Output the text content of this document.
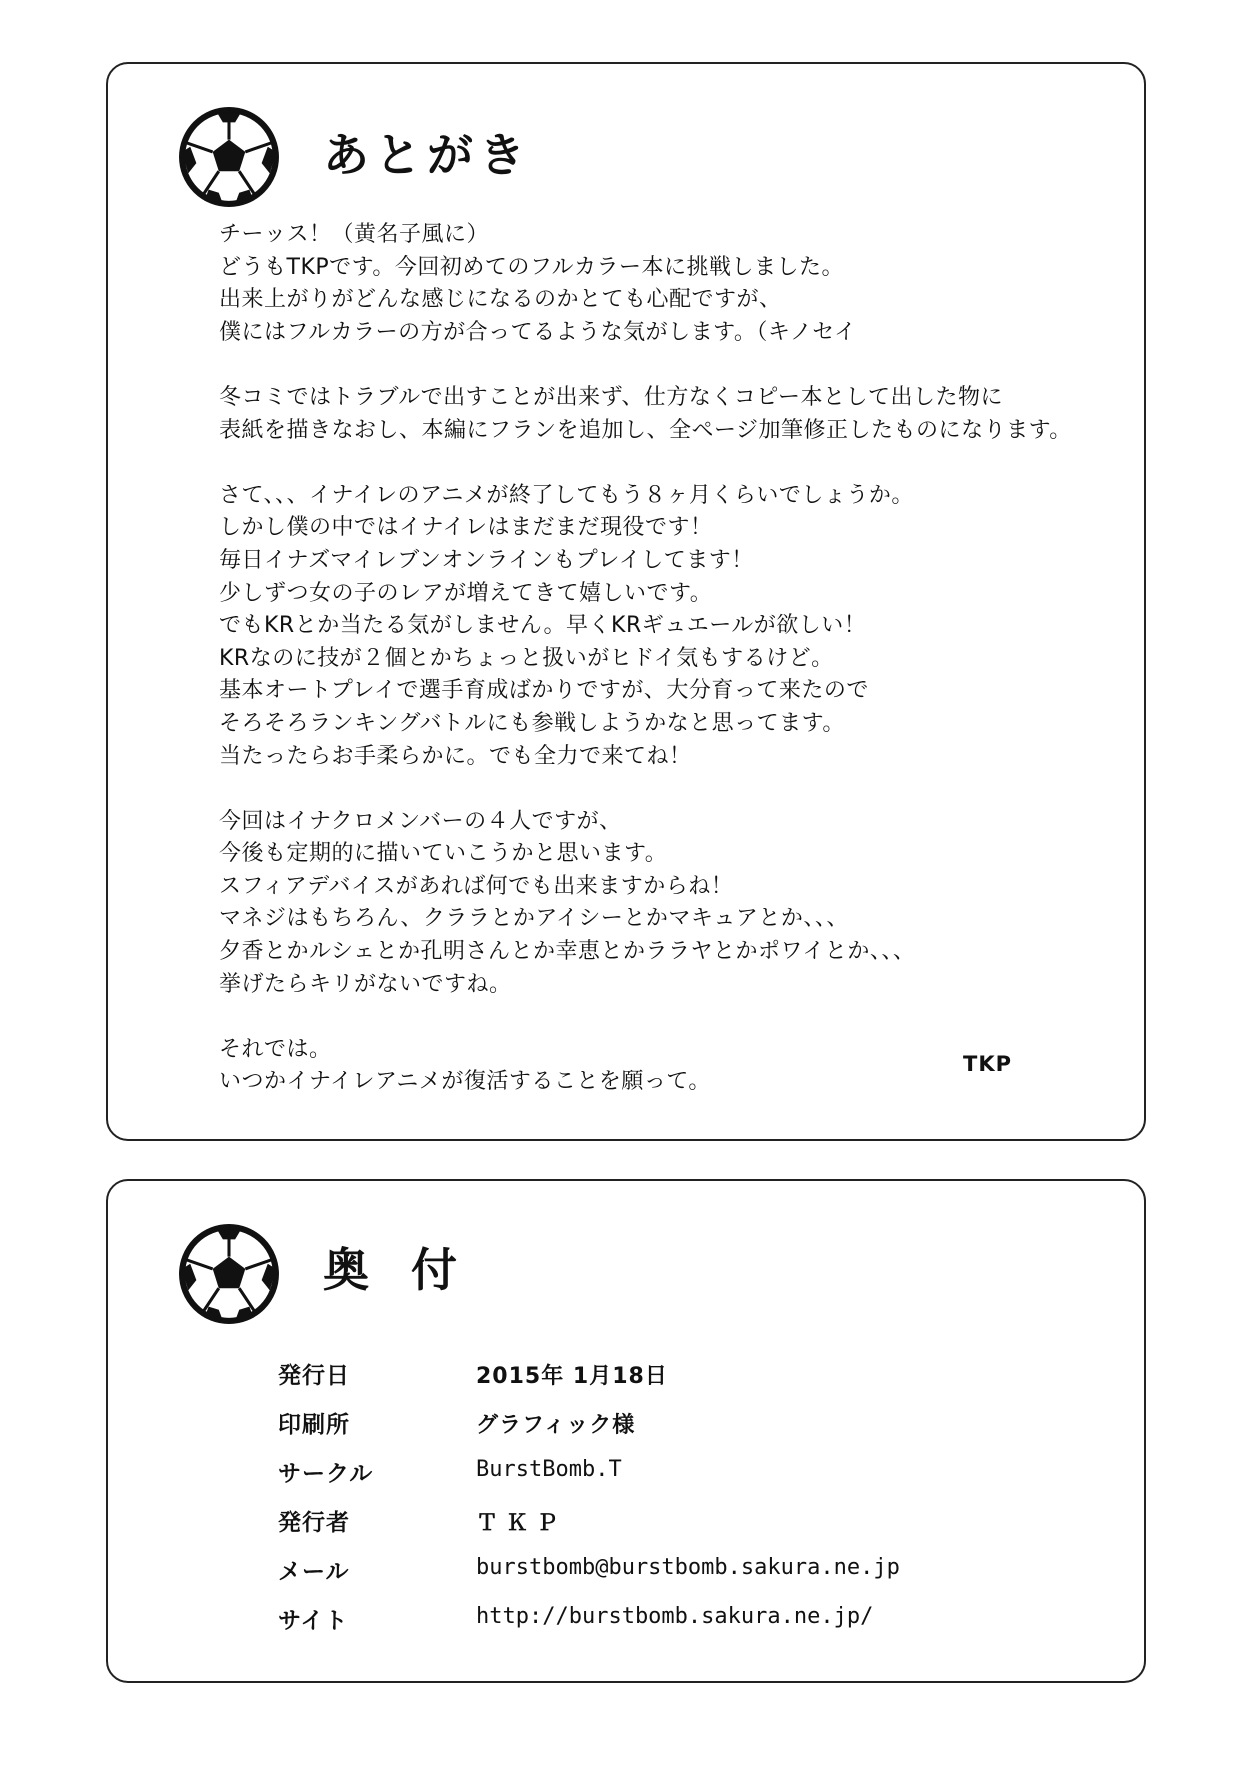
あとがき
チーッス！（黄名子風に）
どうもTKPです。今回初めてのフルカラー本に挑戦しました。
出来上がりがどんな感じになるのかとても心配ですが、
僕にはフルカラーの方が合ってるような気がします。（キノセイ
冬コミではトラブルで出すことが出来ず、仕方なくコピー本として出した物に
表紙を描きなおし、本編にフランを追加し、全ページ加筆修正したものになります。
さて、、、イナイレのアニメが終了してもう８ヶ月くらいでしょうか。
しかし僕の中ではイナイレはまだまだ現役です！
毎日イナズマイレブンオンラインもプレイしてます！
少しずつ女の子のレアが増えてきて嬉しいです。
でもKRとか当たる気がしません。早くKRギュエールが欲しい！
KRなのに技が２個とかちょっと扱いがヒドイ気もするけど。
基本オートプレイで選手育成ばかりですが、大分育って来たので
そろそろランキングバトルにも参戦しようかなと思ってます。
当たったらお手柔らかに。でも全力で来てね！
今回はイナクロメンバーの４人ですが、
今後も定期的に描いていこうかと思います。
スフィアデバイスがあれば何でも出来ますからね！
マネジはもちろん、クララとかアイシーとかマキュアとか、、、
夕香とかルシェとか孔明さんとか幸恵とかララヤとかポワイとか、、、
挙げたらキリがないですね。
それでは。
いつかイナイレアニメが復活することを願って。
TKP
奥付
発行日	2015年 1月18日
印刷所	グラフィック様
サークル	BurstBomb.T
発行者	ＴＫＰ
メール	burstbomb@burstbomb.sakura.ne.jp
サイト	http://burstbomb.sakura.ne.jp/
